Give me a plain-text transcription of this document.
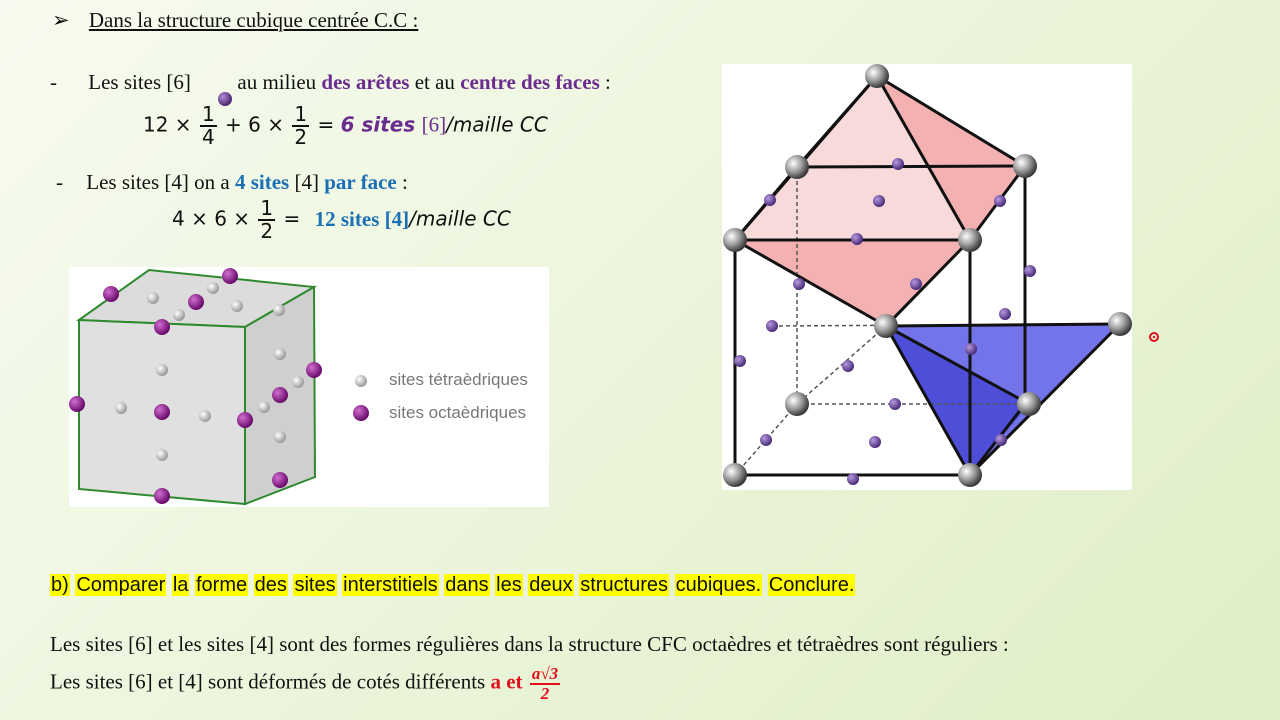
➢ Dans la structure cubique centrée C.C :
- Les sites [6] au milieu des arêtes et au centre des faces :
$12 \times \frac{1}{4} + 6 \times \frac{1}{2} = 6$ sites [6]/maille CC
- Les sites [4] on a 4 sites [4] par face :
$4 \times 6 \times \frac{1}{2} = 12$ sites [4]/maille CC
sites tétraèdriques
sites octaèdriques
b) Comparer la forme des sites interstitiels dans les deux structures cubiques. Conclure.
Les sites [6] et les sites [4] sont des formes régulières dans la structure CFC octaèdres et tétraèdres sont réguliers :
Les sites [6] et [4] sont déformés de cotés différents a et $\frac{a√3}{2}$
